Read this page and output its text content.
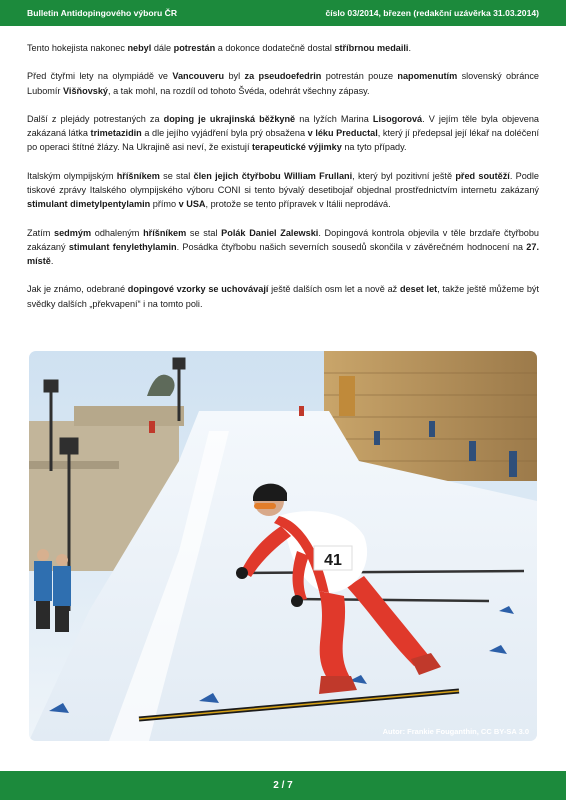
Bulletin Antidopingového výboru ČR	číslo 03/2014, březen (redakční uzávěrka 31.03.2014)

Tento hokejista nakonec nebyl dále potrestán a dokonce dodatečně dostal stříbrnou medaili.

Před čtyřmi lety na olympiádě ve Vancouveru byl za pseudoefedrin potrestán pouze napomenutím slovenský obránce Lubomír Višňovský, a tak mohl, na rozdíl od tohoto Švéda, odehrát všechny zápasy.

Další z plejády potrestaných za doping je ukrajinská běžkyně na lyžích Marina Lisogorová. V jejím těle byla objevena zakázaná látka trimetazidin a dle jejího vyjádření byla prý obsažena v léku Preductal, který jí předepsal její lékař na doléčení po operaci štítné žlázy. Na Ukrajině asi neví, že existují terapeutické výjimky na tyto případy.

Italským olympijským hříšníkem se stal člen jejich čtyřbobu William Frullani, který byl pozitivní ještě před soutěží. Podle tiskové zprávy Italského olympijského výboru CONI si tento bývalý desetibojař objednal prostřednictvím internetu zakázaný stimulant dimetylpentylamin přímo v USA, protože se tento přípravek v Itálii neprodává.

Zatím sedmým odhaleným hříšníkem se stal Polák Daniel Zalewski. Dopingová kontrola objevila v těle brzdaře čtyřbobu zakázaný stimulant fenylethylamin. Posádka čtyřbobu našich severních sousedů skončila v závěrečném hodnocení na 27. místě.

Jak je známo, odebrané dopingové vzorky se uchovávají ještě dalších osm let a nově až deset let, takže ještě můžeme být svědky dalších „překvapení“ i na tomto poli.

41
Autor: Frankie Fouganthin, CC BY-SA 3.0
2 / 7
